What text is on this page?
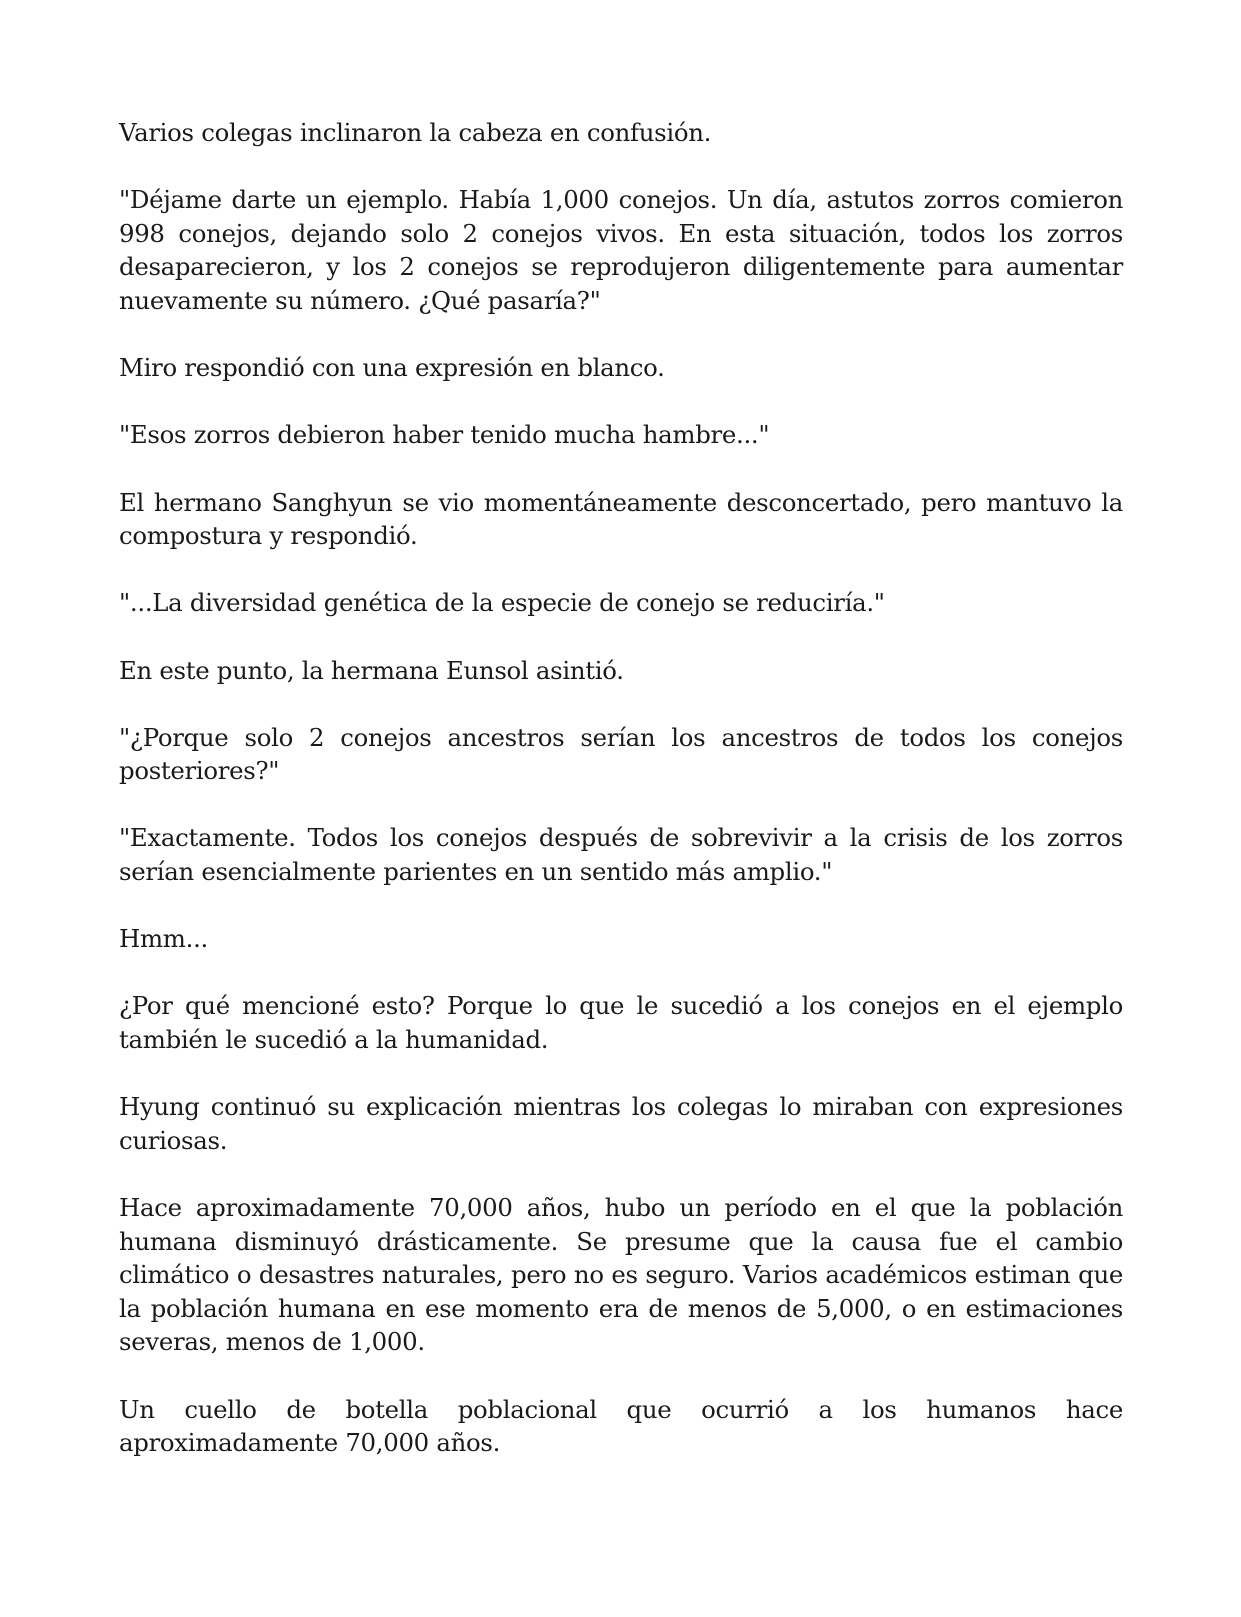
Varios colegas inclinaron la cabeza en confusión.

"Déjame darte un ejemplo. Había 1,000 conejos. Un día, astutos zorros comieron 998 conejos, dejando solo 2 conejos vivos. En esta situación, todos los zorros desaparecieron, y los 2 conejos se reprodujeron diligentemente para aumentar nuevamente su número. ¿Qué pasaría?"

Miro respondió con una expresión en blanco.

"Esos zorros debieron haber tenido mucha hambre..."

El hermano Sanghyun se vio momentáneamente desconcertado, pero mantuvo la compostura y respondió.

"...La diversidad genética de la especie de conejo se reduciría."

En este punto, la hermana Eunsol asintió.

"¿Porque solo 2 conejos ancestros serían los ancestros de todos los conejos posteriores?"

"Exactamente. Todos los conejos después de sobrevivir a la crisis de los zorros serían esencialmente parientes en un sentido más amplio."

Hmm...

¿Por qué mencioné esto? Porque lo que le sucedió a los conejos en el ejemplo también le sucedió a la humanidad.

Hyung continuó su explicación mientras los colegas lo miraban con expresiones curiosas.

Hace aproximadamente 70,000 años, hubo un período en el que la población humana disminuyó drásticamente. Se presume que la causa fue el cambio climático o desastres naturales, pero no es seguro. Varios académicos estiman que la población humana en ese momento era de menos de 5,000, o en estimaciones severas, menos de 1,000.

Un cuello de botella poblacional que ocurrió a los humanos hace aproximadamente 70,000 años.
